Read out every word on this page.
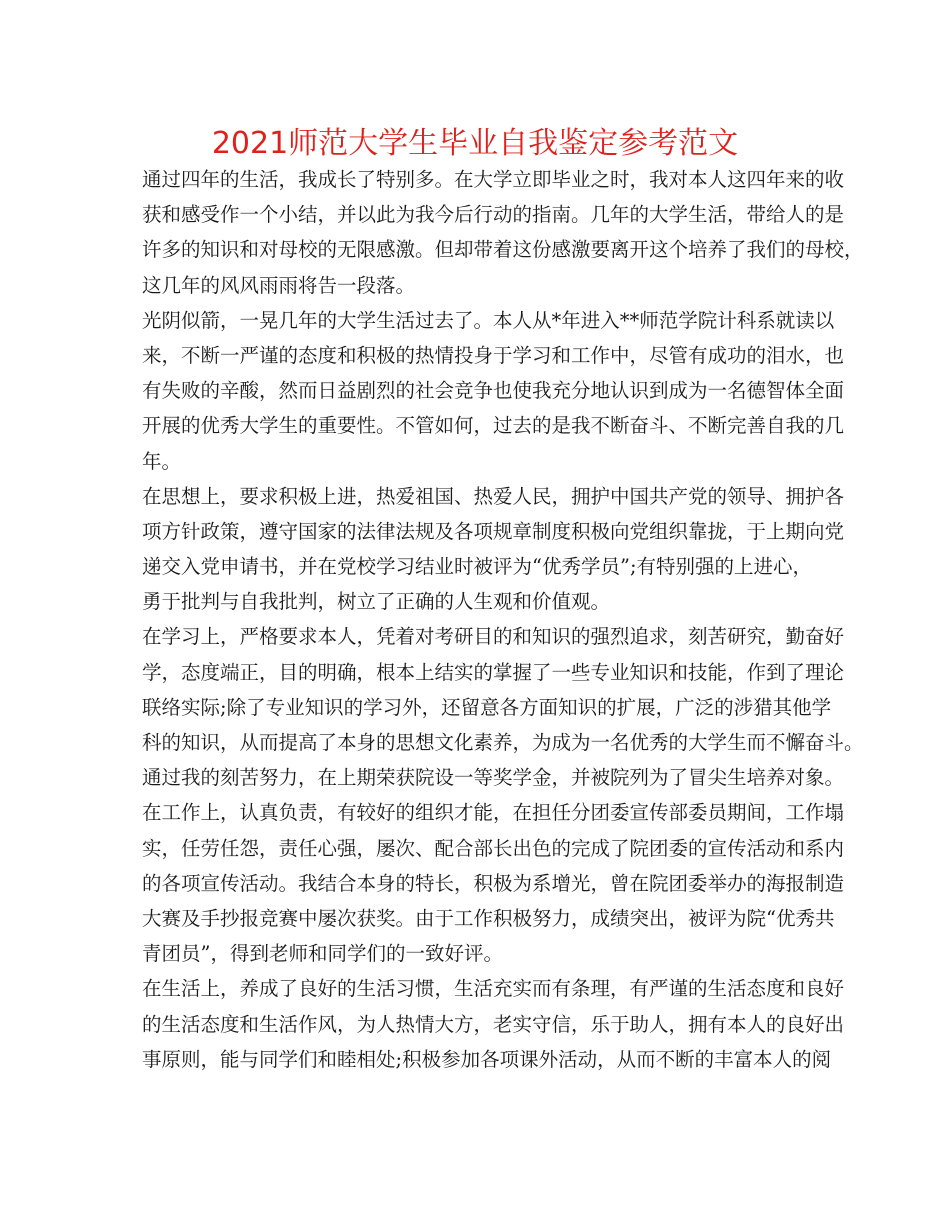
2021师范大学生毕业自我鉴定参考范文
通过四年的生活，我成长了特别多。在大学立即毕业之时，我对本人这四年来的收
获和感受作一个小结，并以此为我今后行动的指南。几年的大学生活，带给人的是
许多的知识和对母校的无限感激。但却带着这份感激要离开这个培养了我们的母校，
这几年的风风雨雨将告一段落。
光阴似箭，一晃几年的大学生活过去了。本人从*年进入**师范学院计科系就读以
来，不断一严谨的态度和积极的热情投身于学习和工作中，尽管有成功的泪水，也
有失败的辛酸，然而日益剧烈的社会竞争也使我充分地认识到成为一名德智体全面
开展的优秀大学生的重要性。不管如何，过去的是我不断奋斗、不断完善自我的几
年。
在思想上，要求积极上进，热爱祖国、热爱人民，拥护中国共产党的领导、拥护各
项方针政策，遵守国家的法律法规及各项规章制度积极向党组织靠拢，于上期向党
递交入党申请书，并在党校学习结业时被评为“优秀学员”;有特别强的上进心，
勇于批判与自我批判，树立了正确的人生观和价值观。
在学习上，严格要求本人，凭着对考研目的和知识的强烈追求，刻苦研究，勤奋好
学，态度端正，目的明确，根本上结实的掌握了一些专业知识和技能，作到了理论
联络实际;除了专业知识的学习外，还留意各方面知识的扩展，广泛的涉猎其他学
科的知识，从而提高了本身的思想文化素养，为成为一名优秀的大学生而不懈奋斗。
通过我的刻苦努力，在上期荣获院设一等奖学金，并被院列为了冒尖生培养对象。
在工作上，认真负责，有较好的组织才能，在担任分团委宣传部委员期间，工作塌
实，任劳任怨，责任心强，屡次、配合部长出色的完成了院团委的宣传活动和系内
的各项宣传活动。我结合本身的特长，积极为系增光，曾在院团委举办的海报制造
大赛及手抄报竞赛中屡次获奖。由于工作积极努力，成绩突出，被评为院“优秀共
青团员”，得到老师和同学们的一致好评。
在生活上，养成了良好的生活习惯，生活充实而有条理，有严谨的生活态度和良好
的生活态度和生活作风，为人热情大方，老实守信，乐于助人，拥有本人的良好出
事原则，能与同学们和睦相处;积极参加各项课外活动，从而不断的丰富本人的阅
